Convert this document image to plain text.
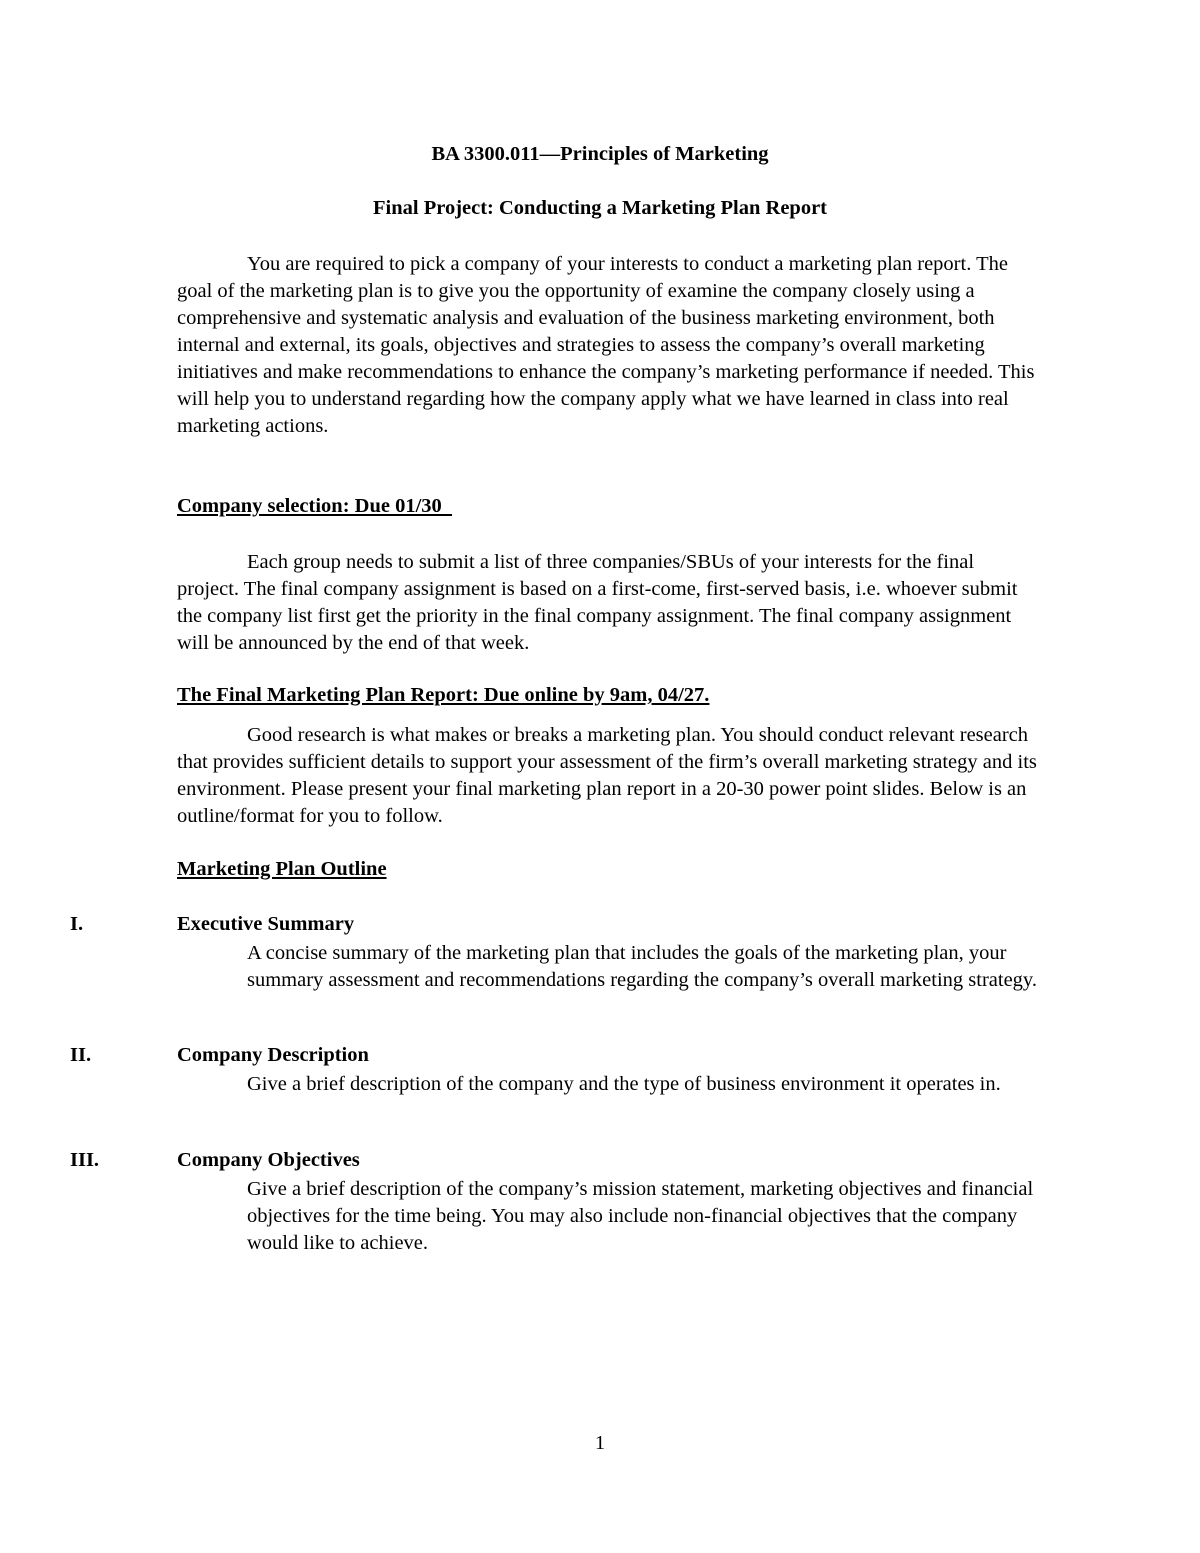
BA 3300.011—Principles of Marketing
Final Project: Conducting a Marketing Plan Report
You are required to pick a company of your interests to conduct a marketing plan report. The goal of the marketing plan is to give you the opportunity of examine the company closely using a comprehensive and systematic analysis and evaluation of the business marketing environment, both internal and external, its goals, objectives and strategies to assess the company’s overall marketing initiatives and make recommendations to enhance the company’s marketing performance if needed. This will help you to understand regarding how the company apply what we have learned in class into real marketing actions.
Company selection: Due 01/30
Each group needs to submit a list of three companies/SBUs of your interests for the final project. The final company assignment is based on a first-come, first-served basis, i.e. whoever submit the company list first get the priority in the final company assignment. The final company assignment will be announced by the end of that week.
The Final Marketing Plan Report: Due online by 9am, 04/27.
Good research is what makes or breaks a marketing plan. You should conduct relevant research that provides sufficient details to support your assessment of the firm’s overall marketing strategy and its environment. Please present your final marketing plan report in a 20-30 power point slides. Below is an outline/format for you to follow.
Marketing Plan Outline
I.	Executive Summary
A concise summary of the marketing plan that includes the goals of the marketing plan, your summary assessment and recommendations regarding the company’s overall marketing strategy.
II.	Company Description
Give a brief description of the company and the type of business environment it operates in.
III.	Company Objectives
Give a brief description of the company’s mission statement, marketing objectives and financial objectives for the time being. You may also include non-financial objectives that the company would like to achieve.
1
